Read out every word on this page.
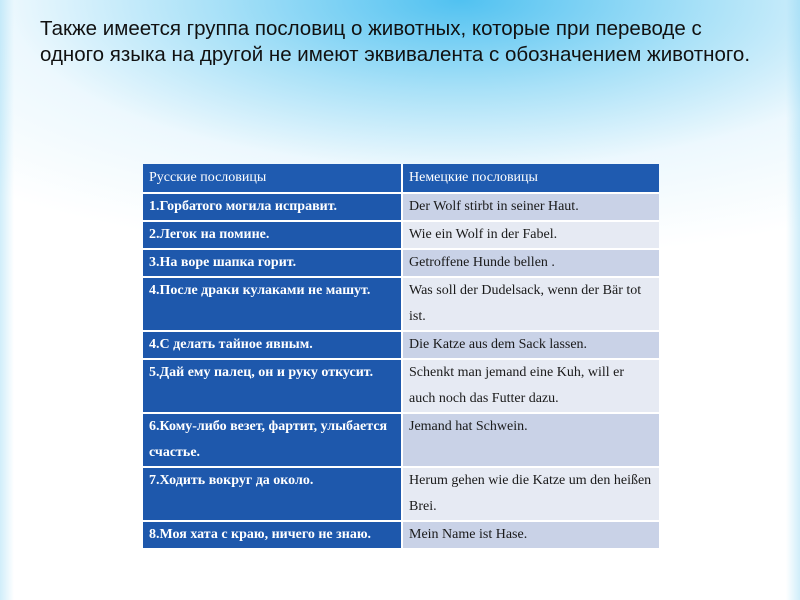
Также имеется группа пословиц о животных, которые при переводе с одного языка на другой не имеют эквивалента с обозначением животного.

Русские пословицы	Немецкие пословицы
1.Горбатого могила исправит.	Der Wolf stirbt in seiner Haut.
2.Легок на помине.	Wie ein Wolf in der Fabel.
3.На воре шапка горит.	Getroffene Hunde bellen .
4.После драки кулаками не машут.	Was soll der Dudelsack, wenn der Bär tot ist.
4.С делать тайное явным.	Die Katze aus dem Sack lassen.
5.Дай ему палец, он и руку откусит.	Schenkt man jemand eine Kuh, will er auch noch das Futter dazu.
6.Кому-либо везет, фартит, улыбается счастье.	Jemand hat Schwein.
7.Ходить вокруг да около.	Herum gehen wie die Katze um den heißen Brei.
8.Моя хата с краю, ничего не знаю.	Mein Name ist Hase.
